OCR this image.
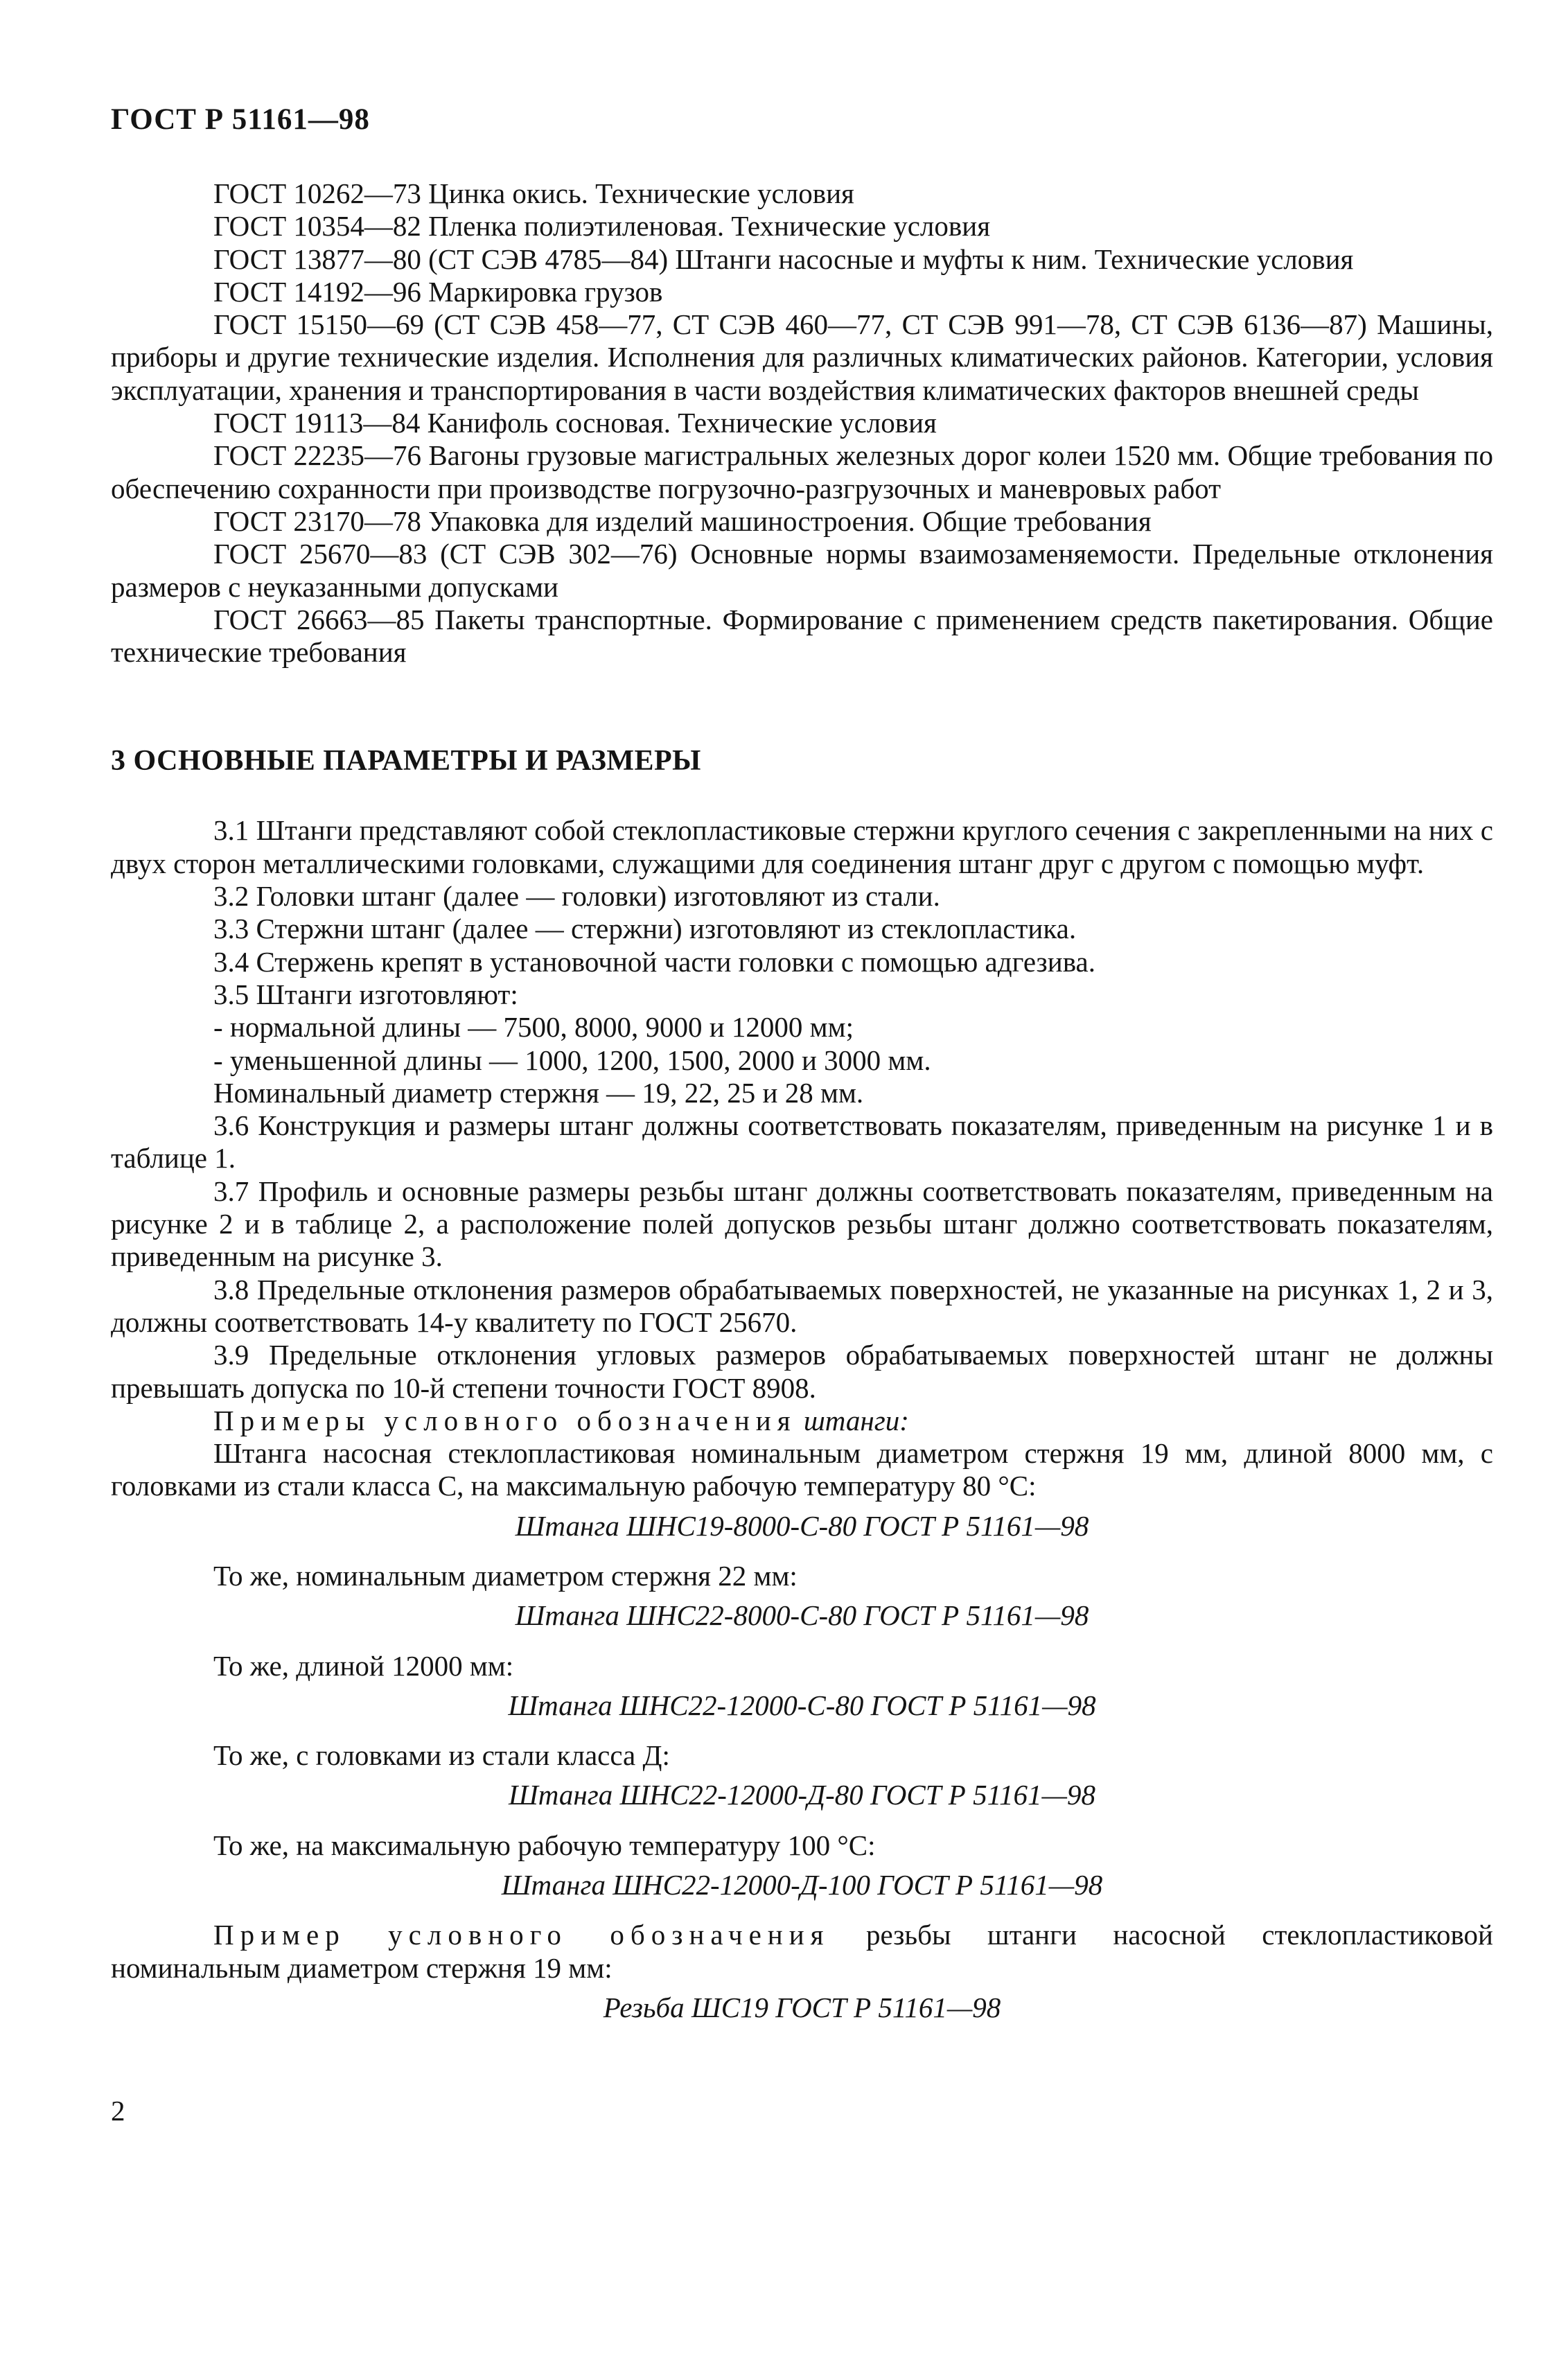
ГОСТ Р 51161—98

ГОСТ 10262—73 Цинка окись. Технические условия

ГОСТ 10354—82 Пленка полиэтиленовая. Технические условия

ГОСТ 13877—80 (СТ СЭВ 4785—84) Штанги насосные и муфты к ним. Технические условия

ГОСТ 14192—96 Маркировка грузов

ГОСТ 15150—69 (СТ СЭВ 458—77, СТ СЭВ 460—77, СТ СЭВ 991—78, СТ СЭВ 6136—87) Машины, приборы и другие технические изделия. Исполнения для различных климатических районов. Категории, условия эксплуатации, хранения и транспортирования в части воздействия климатических факторов внешней среды

ГОСТ 19113—84 Канифоль сосновая. Технические условия

ГОСТ 22235—76 Вагоны грузовые магистральных железных дорог колеи 1520 мм. Общие требования по обеспечению сохранности при производстве погрузочно-разгрузочных и маневровых работ

ГОСТ 23170—78 Упаковка для изделий машиностроения. Общие требования

ГОСТ 25670—83 (СТ СЭВ 302—76) Основные нормы взаимозаменяемости. Предельные отклонения размеров с неуказанными допусками

ГОСТ 26663—85 Пакеты транспортные. Формирование с применением средств пакетирования. Общие технические требования

3 ОСНОВНЫЕ ПАРАМЕТРЫ И РАЗМЕРЫ

3.1 Штанги представляют собой стеклопластиковые стержни круглого сечения с закрепленными на них с двух сторон металлическими головками, служащими для соединения штанг друг с другом с помощью муфт.

3.2 Головки штанг (далее — головки) изготовляют из стали.

3.3 Стержни штанг (далее — стержни) изготовляют из стеклопластика.

3.4 Стержень крепят в установочной части головки с помощью адгезива.

3.5 Штанги изготовляют:

- нормальной длины — 7500, 8000, 9000 и 12000 мм;

- уменьшенной длины — 1000, 1200, 1500, 2000 и 3000 мм.

Номинальный диаметр стержня — 19, 22, 25 и 28 мм.

3.6 Конструкция и размеры штанг должны соответствовать показателям, приведенным на рисунке 1 и в таблице 1.

3.7 Профиль и основные размеры резьбы штанг должны соответствовать показателям, приведенным на рисунке 2 и в таблице 2, а расположение полей допусков резьбы штанг должно соответствовать показателям, приведенным на рисунке 3.

3.8 Предельные отклонения размеров обрабатываемых поверхностей, не указанные на рисунках 1, 2 и 3, должны соответствовать 14-у квалитету по ГОСТ 25670.

3.9 Предельные отклонения угловых размеров обрабатываемых поверхностей штанг не должны превышать допуска по 10-й степени точности ГОСТ 8908.

Примеры условного обозначения штанги:

Штанга насосная стеклопластиковая номинальным диаметром стержня 19 мм, длиной 8000 мм, с головками из стали класса С, на максимальную рабочую температуру 80 °С:

Штанга ШНС19-8000-С-80 ГОСТ Р 51161—98

То же, номинальным диаметром стержня 22 мм:

Штанга ШНС22-8000-С-80 ГОСТ Р 51161—98

То же, длиной 12000 мм:

Штанга ШНС22-12000-С-80 ГОСТ Р 51161—98

То же, с головками из стали класса Д:

Штанга ШНС22-12000-Д-80 ГОСТ Р 51161—98

То же, на максимальную рабочую температуру 100 °С:

Штанга ШНС22-12000-Д-100 ГОСТ Р 51161—98

Пример условного обозначения резьбы штанги насосной стеклопластиковой номинальным диаметром стержня 19 мм:

Резьба ШС19 ГОСТ Р 51161—98

2
